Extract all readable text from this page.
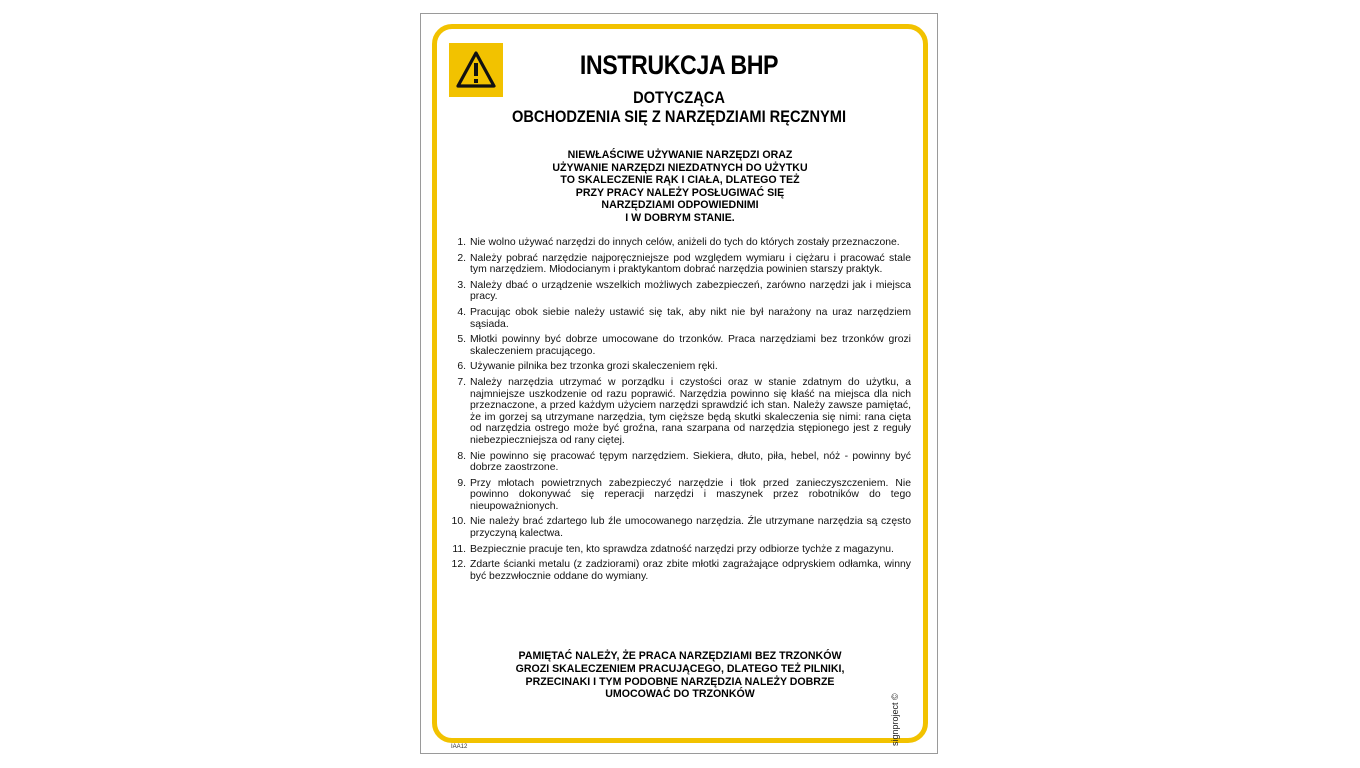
INSTRUKCJA BHP
DOTYCZĄCA
OBCHODZENIA SIĘ Z NARZĘDZIAMI RĘCZNYMI
NIEWŁAŚCIWE UŻYWANIE NARZĘDZI ORAZ
UŻYWANIE NARZĘDZI NIEZDATNYCH DO UŻYTKU
TO SKALECZENIE RĄK I CIAŁA, DLATEGO TEŻ
PRZY PRACY NALEŻY POSŁUGIWAĆ SIĘ
NARZĘDZIAMI ODPOWIEDNIMI
I W DOBRYM STANIE.
1. Nie wolno używać narzędzi do innych celów, aniżeli do tych do których zostały przeznaczone.
2. Należy pobrać narzędzie najporęczniejsze pod względem wymiaru i ciężaru i pracować stale tym narzędziem. Młodocianym i praktykantom dobrać narzędzia powinien starszy praktyk.
3. Należy dbać o urządzenie wszelkich możliwych zabezpieczeń, zarówno narzędzi jak i miejsca pracy.
4. Pracując obok siebie należy ustawić się tak, aby nikt nie był narażony na uraz narzędziem sąsiada.
5. Młotki powinny być dobrze umocowane do trzonków. Praca narzędziami bez trzonków grozi skaleczeniem pracującego.
6. Używanie pilnika bez trzonka grozi skaleczeniem ręki.
7. Należy narzędzia utrzymać w porządku i czystości oraz w stanie zdatnym do użytku, a najmniejsze uszkodzenie od razu poprawić. Narzędzia powinno się kłaść na miejsca dla nich przeznaczone, a przed każdym użyciem narzędzi sprawdzić ich stan. Należy zawsze pamiętać, że im gorzej są utrzymane narzędzia, tym cięższe będą skutki skaleczenia się nimi: rana cięta od narzędzia ostrego może być groźna, rana szarpana od narzędzia stępionego jest z reguły niebezpieczniejsza od rany ciętej.
8. Nie powinno się pracować tępym narzędziem. Siekiera, dłuto, piła, hebel, nóż - powinny być dobrze zaostrzone.
9. Przy młotach powietrznych zabezpieczyć narzędzie i tłok przed zanieczyszczeniem. Nie powinno dokonywać się reperacji narzędzi i maszynek przez robotników do tego nieupoważnionych.
10. Nie należy brać zdartego lub źle umocowanego narzędzia. Źle utrzymane narzędzia są często przyczyną kalectwa.
11. Bezpiecznie pracuje ten, kto sprawdza zdatność narzędzi przy odbiorze tychże z magazynu.
12. Zdarte ścianki metalu (z zadziorami) oraz zbite młotki zagrażające odpryskiem odłamka, winny być bezzwłocznie oddane do wymiany.
PAMIĘTAĆ NALEŻY, ŻE PRACA NARZĘDZIAMI BEZ TRZONKÓW
GROZI SKALECZENIEM PRACUJĄCEGO, DLATEGO TEŻ PILNIKI,
PRZECINAKI I TYM PODOBNE NARZĘDZIA NALEŻY DOBRZE
UMOCOWAĆ DO TRZONKÓW	signproject ©
IAA12
